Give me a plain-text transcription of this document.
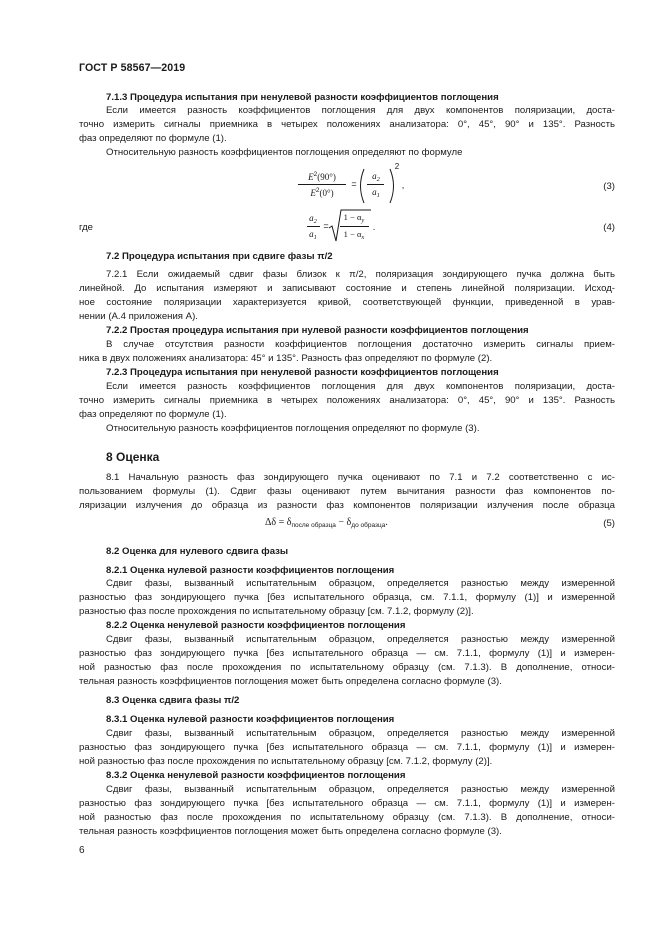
ГОСТ Р 58567—2019
7.1.3 Процедура испытания при ненулевой разности коэффициентов поглощения
Если имеется разность коэффициентов поглощения для двух компонентов поляризации, доста-
точно измерить сигналы приемника в четырех положениях анализатора: 0°, 45°, 90° и 135°. Разность
фаз определяют по формуле (1).
Относительную разность коэффициентов поглощения определяют по формуле
$E^2(90^\circ)$
$E^2(0^\circ)$
=
$a_2$
$a_1$
2
,	(3)
где
$a_2$
$a_1$
=
$1 - \alpha_y$
$1 - \alpha_x$
.	(4)
7.2 Процедура испытания при сдвиге фазы π/2
7.2.1 Если ожидаемый сдвиг фазы близок к π/2, поляризация зондирующего пучка должна быть
линейной. До испытания измеряют и записывают состояние и степень линейной поляризации. Исход-
ное состояние поляризации характеризуется кривой, соответствующей функции, приведенной в урав-
нении (А.4 приложения А).
7.2.2 Простая процедура испытания при нулевой разности коэффициентов поглощения
В случае отсутствия разности коэффициентов поглощения достаточно измерить сигналы прием-
ника в двух положениях анализатора: 45° и 135°. Разность фаз определяют по формуле (2).
7.2.3 Процедура испытания при ненулевой разности коэффициентов поглощения
Если имеется разность коэффициентов поглощения для двух компонентов поляризации, доста-
точно измерить сигналы приемника в четырех положениях анализатора: 0°, 45°, 90° и 135°. Разность
фаз определяют по формуле (1).
Относительную разность коэффициентов поглощения определяют по формуле (3).
8 Оценка
8.1 Начальную разность фаз зондирующего пучка оценивают по 7.1 и 7.2 соответственно с ис-
пользованием формулы (1). Сдвиг фазы оценивают путем вычитания разности фаз компонентов по-
ляризации излучения до образца из разности фаз компонентов поляризации излучения после образца
$\Delta\delta = \delta_{после образца} - \delta_{до образца}$.	(5)
8.2 Оценка для нулевого сдвига фазы
8.2.1 Оценка нулевой разности коэффициентов поглощения
Сдвиг фазы, вызванный испытательным образцом, определяется разностью между измеренной
разностью фаз зондирующего пучка [без испытательного образца, см. 7.1.1, формулу (1)] и измеренной
разностью фаз после прохождения по испытательному образцу [см. 7.1.2, формулу (2)].
8.2.2 Оценка ненулевой разности коэффициентов поглощения
Сдвиг фазы, вызванный испытательным образцом, определяется разностью между измеренной
разностью фаз зондирующего пучка [без испытательного образца — см. 7.1.1, формулу (1)] и измерен-
ной разностью фаз после прохождения по испытательному образцу (см. 7.1.3). В дополнение, относи-
тельная разность коэффициентов поглощения может быть определена согласно формуле (3).
8.3 Оценка сдвига фазы π/2
8.3.1 Оценка нулевой разности коэффициентов поглощения
Сдвиг фазы, вызванный испытательным образцом, определяется разностью между измеренной
разностью фаз зондирующего пучка [без испытательного образца — см. 7.1.1, формулу (1)] и измерен-
ной разностью фаз после прохождения по испытательному образцу [см. 7.1.2, формулу (2)].
8.3.2 Оценка ненулевой разности коэффициентов поглощения
Сдвиг фазы, вызванный испытательным образцом, определяется разностью между измеренной
разностью фаз зондирующего пучка [без испытательного образца — см. 7.1.1, формулу (1)] и измерен-
ной разностью фаз после прохождения по испытательному образцу (см. 7.1.3). В дополнение, относи-
тельная разность коэффициентов поглощения может быть определена согласно формуле (3).
6
